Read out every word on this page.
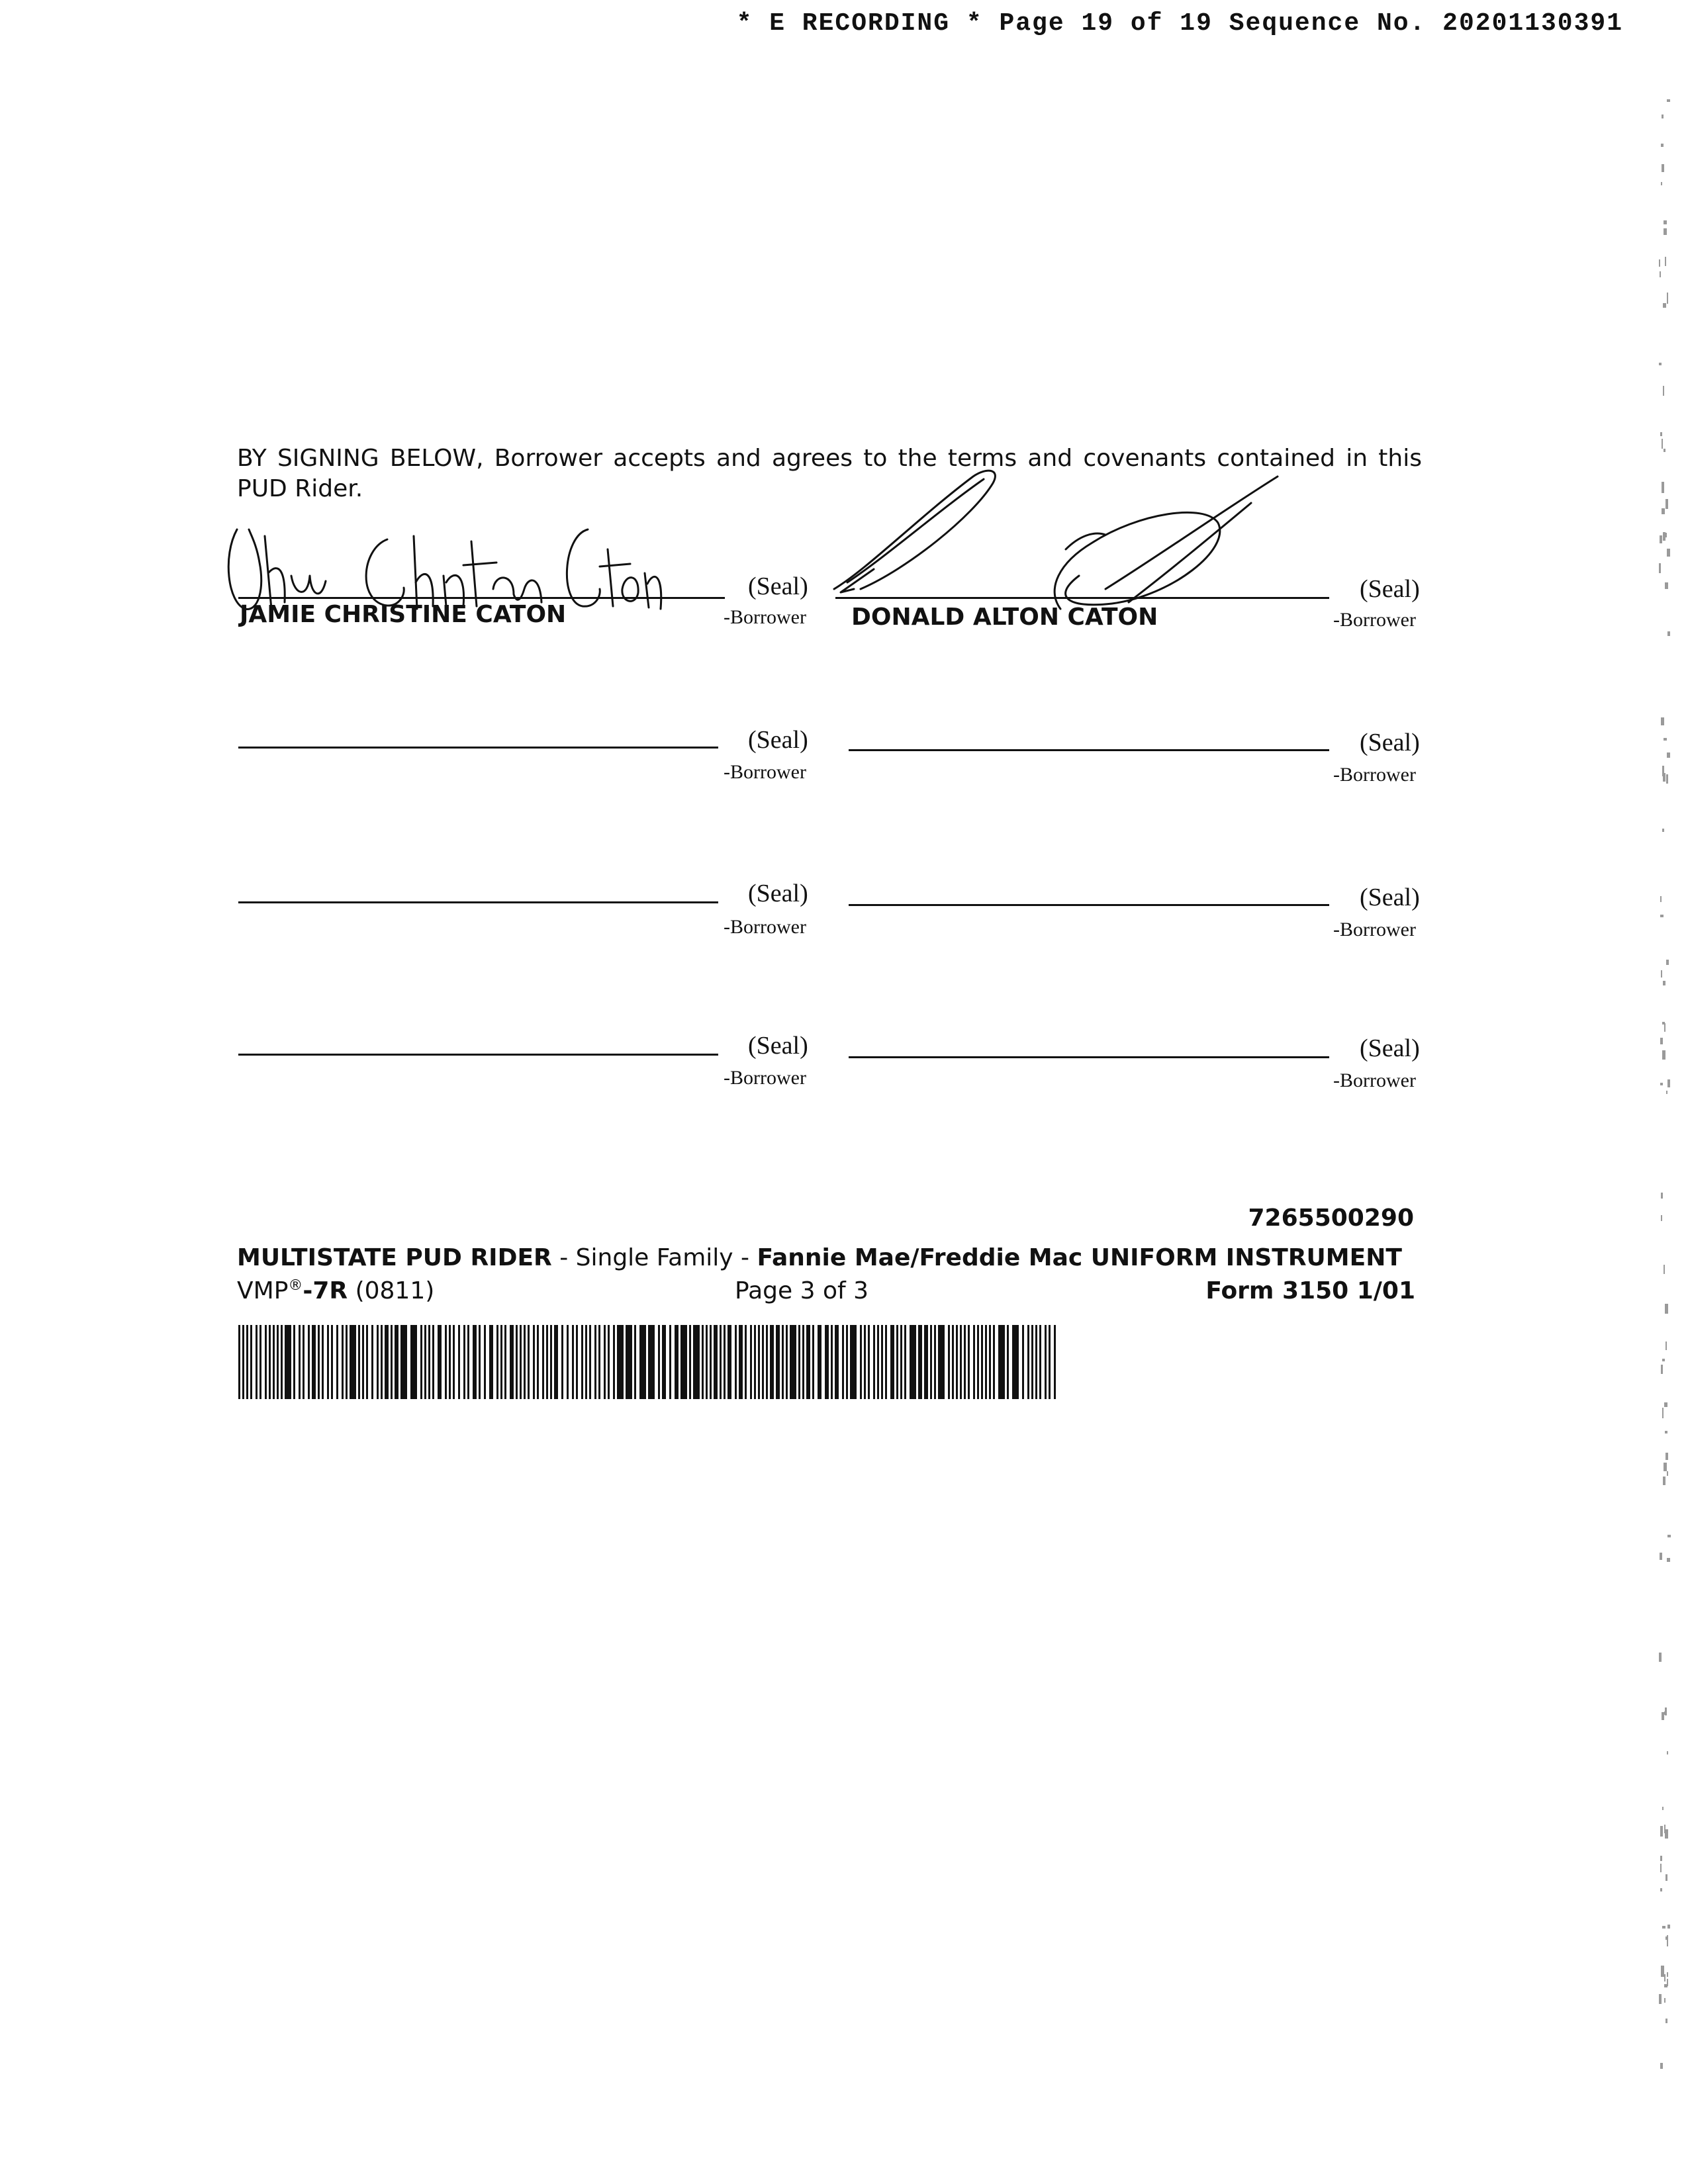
* E RECORDING * Page 19 of 19 Sequence No. 20201130391
BY SIGNING BELOW, Borrower accepts and agrees to the terms and covenants contained in this PUD Rider.
(Seal)
-Borrower
JAMIE CHRISTINE CATON
(Seal)
-Borrower
DONALD ALTON CATON
(Seal)
-Borrower
(Seal)
-Borrower
(Seal)
-Borrower
(Seal)
-Borrower
(Seal)
-Borrower
(Seal)
-Borrower
7265500290
MULTISTATE PUD RIDER - Single Family - Fannie Mae/Freddie Mac UNIFORM INSTRUMENT
VMP®-7R (0811)	Page 3 of 3	Form 3150 1/01
